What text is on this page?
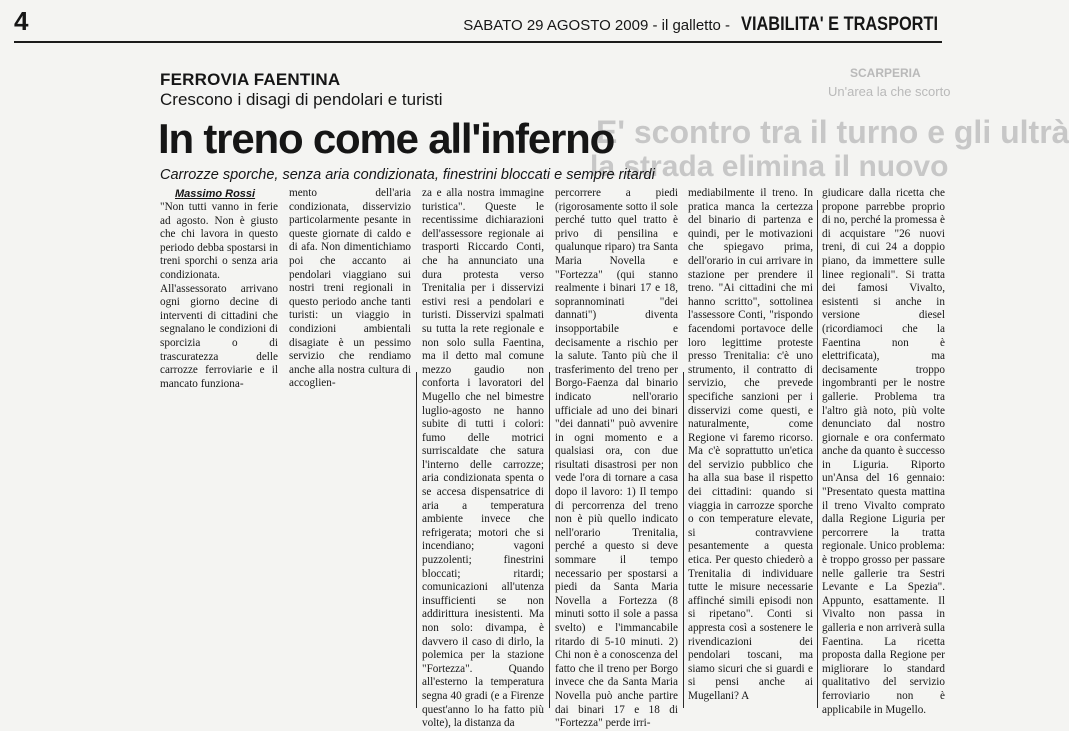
4	SABATO 29 AGOSTO 2009 - il galletto - VIABILITA' E TRASPORTI
SCARPERIA
Un'area la che scorto
E' scontro tra il turno e gli ultrà
la strada elimina il nuovo
FERROVIA FAENTINA
Crescono i disagi di pendolari e turisti
In treno come all'inferno
Carrozze sporche, senza aria condizionata, finestrini bloccati e sempre ritardi
Massimo Rossi

"Non tutti vanno in ferie ad agosto. Non è giusto che chi lavora in questo periodo debba spostarsi in treni sporchi o senza aria condizionata. All'assessorato arrivano ogni giorno decine di interventi di cittadini che segnalano le condizioni di sporcizia o di trascuratezza delle carrozze ferroviarie e il mancato funziona-

mento dell'aria condizionata, disservizio particolarmente pesante in queste giornate di caldo e di afa. Non dimentichiamo poi che accanto ai pendolari viaggiano sui nostri treni regionali in questo periodo anche tanti turisti: un viaggio in condizioni ambientali disagiate è un pessimo servizio che rendiamo anche alla nostra cultura di accoglien-

za e alla nostra immagine turistica". Queste le recentissime dichiarazioni dell'assessore regionale ai trasporti Riccardo Conti, che ha annunciato una dura protesta verso Trenitalia per i disservizi estivi resi a pendolari e turisti. Disservizi spalmati su tutta la rete regionale e non solo sulla Faentina, ma il detto mal comune mezzo gaudio non conforta i lavoratori del Mugello che nel bimestre luglio-agosto ne hanno subite di tutti i colori: fumo delle motrici surriscaldate che satura l'interno delle carrozze; aria condizionata spenta o se accesa dispensatrice di aria a temperatura ambiente invece che refrigerata; motori che si incendiano; vagoni puzzolenti; finestrini bloccati; ritardi; comunicazioni all'utenza insufficienti se non addirittura inesistenti. Ma non solo: divampa, è davvero il caso di dirlo, la polemica per la stazione "Fortezza". Quando all'esterno la temperatura segna 40 gradi (e a Firenze quest'anno lo ha fatto più volte), la distanza da

percorrere a piedi (rigorosamente sotto il sole perché tutto quel tratto è privo di pensilina e qualunque riparo) tra Santa Maria Novella e "Fortezza" (qui stanno realmente i binari 17 e 18, soprannominati "dei dannati") diventa insopportabile e decisamente a rischio per la salute. Tanto più che il trasferimento del treno per Borgo-Faenza dal binario indicato nell'orario ufficiale ad uno dei binari "dei dannati" può avvenire in ogni momento e a qualsiasi ora, con due risultati disastrosi per non vede l'ora di tornare a casa dopo il lavoro: 1) Il tempo di percorrenza del treno non è più quello indicato nell'orario Trenitalia, perché a questo si deve sommare il tempo necessario per spostarsi a piedi da Santa Maria Novella a Fortezza (8 minuti sotto il sole a passa svelto) e l'immancabile ritardo di 5-10 minuti. 2) Chi non è a conoscenza del fatto che il treno per Borgo invece che da Santa Maria Novella può anche partire dai binari 17 e 18 di "Fortezza" perde irri-

mediabilmente il treno. In pratica manca la certezza del binario di partenza e quindi, per le motivazioni che spiegavo prima, dell'orario in cui arrivare in stazione per prendere il treno. "Ai cittadini che mi hanno scritto", sottolinea l'assessore Conti, "rispondo facendomi portavoce delle loro legittime proteste presso Trenitalia: c'è uno strumento, il contratto di servizio, che prevede specifiche sanzioni per i disservizi come questi, e naturalmente, come Regione vi faremo ricorso. Ma c'è soprattutto un'etica del servizio pubblico che ha alla sua base il rispetto dei cittadini: quando si viaggia in carrozze sporche o con temperature elevate, si contravviene pesantemente a questa etica. Per questo chiederò a Trenitalia di individuare tutte le misure necessarie affinché simili episodi non si ripetano". Conti si appresta così a sostenere le rivendicazioni dei pendolari toscani, ma siamo sicuri che si guardi e si pensi anche ai Mugellani? A

giudicare dalla ricetta che propone parrebbe proprio di no, perché la promessa è di acquistare "26 nuovi treni, di cui 24 a doppio piano, da immettere sulle linee regionali". Si tratta dei famosi Vivalto, esistenti si anche in versione diesel (ricordiamoci che la Faentina non è elettrificata), ma decisamente troppo ingombranti per le nostre gallerie. Problema tra l'altro già noto, più volte denunciato dal nostro giornale e ora confermato anche da quanto è successo in Liguria. Riporto un'Ansa del 16 gennaio: "Presentato questa mattina il treno Vivalto comprato dalla Regione Liguria per percorrere la tratta regionale. Unico problema: è troppo grosso per passare nelle gallerie tra Sestri Levante e La Spezia". Appunto, esattamente. Il Vivalto non passa in galleria e non arriverà sulla Faentina. La ricetta proposta dalla Regione per migliorare lo standard qualitativo del servizio ferroviario non è applicabile in Mugello.
